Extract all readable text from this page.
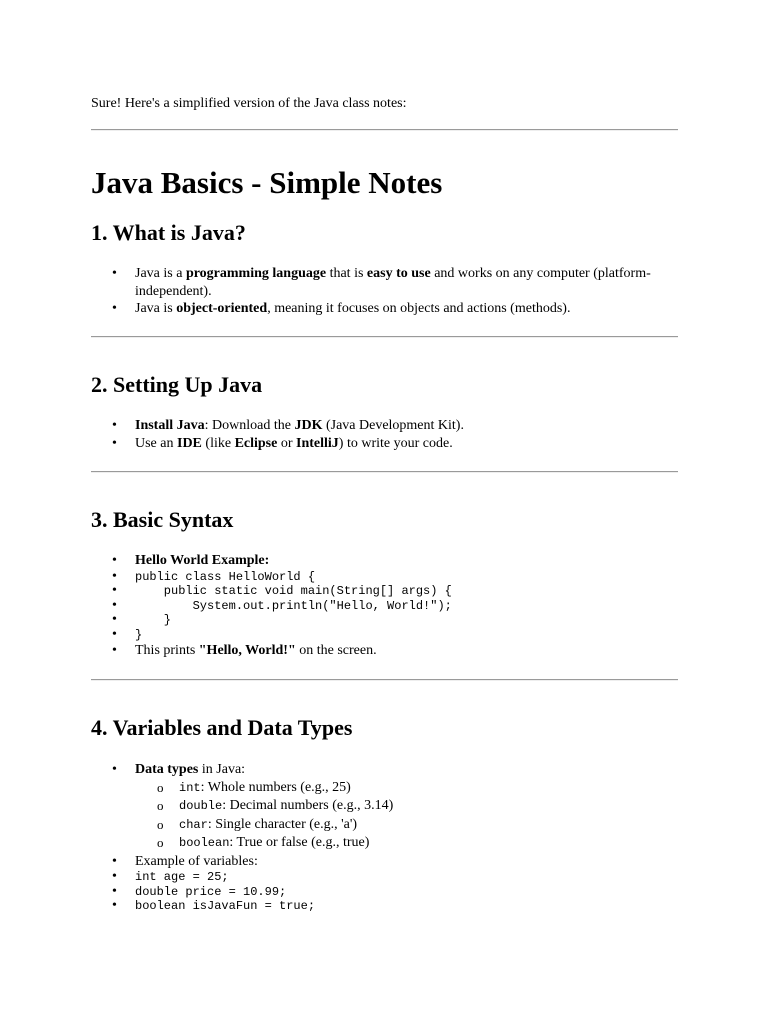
Sure! Here's a simplified version of the Java class notes:
Java Basics - Simple Notes
1. What is Java?
• Java is a programming language that is easy to use and works on any computer (platform-independent).
• Java is object-oriented, meaning it focuses on objects and actions (methods).
2. Setting Up Java
• Install Java: Download the JDK (Java Development Kit).
• Use an IDE (like Eclipse or IntelliJ) to write your code.
3. Basic Syntax
• Hello World Example:
• public class HelloWorld {
• public static void main(String[] args) {
• System.out.println("Hello, World!");
• }
• }
• This prints "Hello, World!" on the screen.
4. Variables and Data Types
• Data types in Java:
o int: Whole numbers (e.g., 25)
o double: Decimal numbers (e.g., 3.14)
o char: Single character (e.g., 'a')
o boolean: True or false (e.g., true)
• Example of variables:
• int age = 25;
• double price = 10.99;
• boolean isJavaFun = true;
